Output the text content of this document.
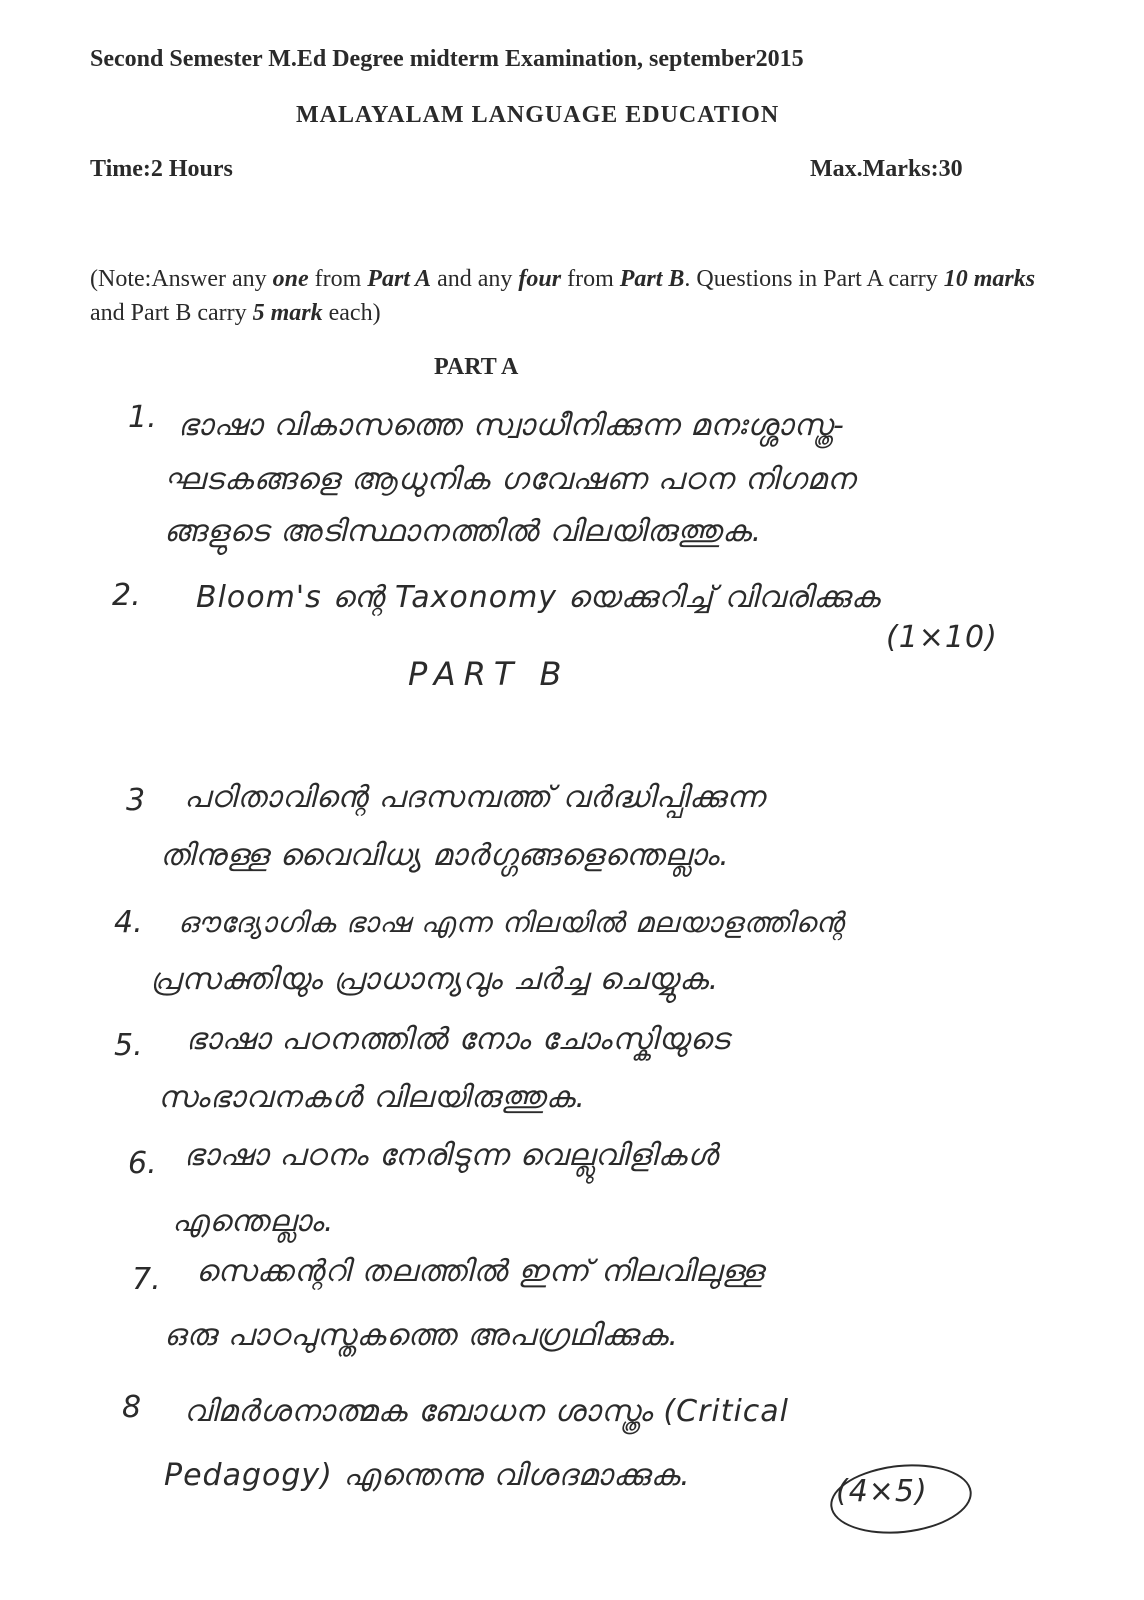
Second Semester M.Ed Degree midterm Examination, september2015
MALAYALAM LANGUAGE EDUCATION
Time:2 Hours	Max.Marks:30
(Note:Answer any one from Part A and any four from Part B. Questions in Part A carry 10 marks and Part B carry 5 mark each)
PART A
1. ഭാഷാ വികാസത്തെ സ്വാധീനിക്കുന്ന മനഃശ്ശാസ്ത്ര-
ഘടകങ്ങളെ ആധുനിക ഗവേഷണ പഠന നിഗമന
ങ്ങളുടെ അടിസ്ഥാനത്തിൽ വിലയിരുത്തുക.
2. Bloom's ന്റെ Taxonomy യെക്കുറിച്ച് വിവരിക്കുക
(1×10)
PART B
3 പഠിതാവിന്റെ പദസമ്പത്ത് വർദ്ധിപ്പിക്കുന്ന
തിനുള്ള വൈവിധ്യ മാർഗ്ഗങ്ങളെന്തെല്ലാം.
4. ഔദ്യോഗിക ഭാഷ എന്ന നിലയിൽ മലയാളത്തിന്റെ
പ്രസക്തിയും പ്രാധാന്യവും ചർച്ച ചെയ്യുക.
5. ഭാഷാ പഠനത്തിൽ നോം ചോംസ്കിയുടെ
സംഭാവനകൾ വിലയിരുത്തുക.
6. ഭാഷാ പഠനം നേരിടുന്ന വെല്ലുവിളികൾ
എന്തെല്ലാം.
7. സെക്കന്ററി തലത്തിൽ ഇന്ന് നിലവിലുള്ള
ഒരു പാഠപുസ്തകത്തെ അപഗ്രഥിക്കുക.
8 വിമർശനാത്മക ബോധന ശാസ്ത്രം (Critical
Pedagogy) എന്തെന്നു വിശദമാക്കുക.	(4×5)
